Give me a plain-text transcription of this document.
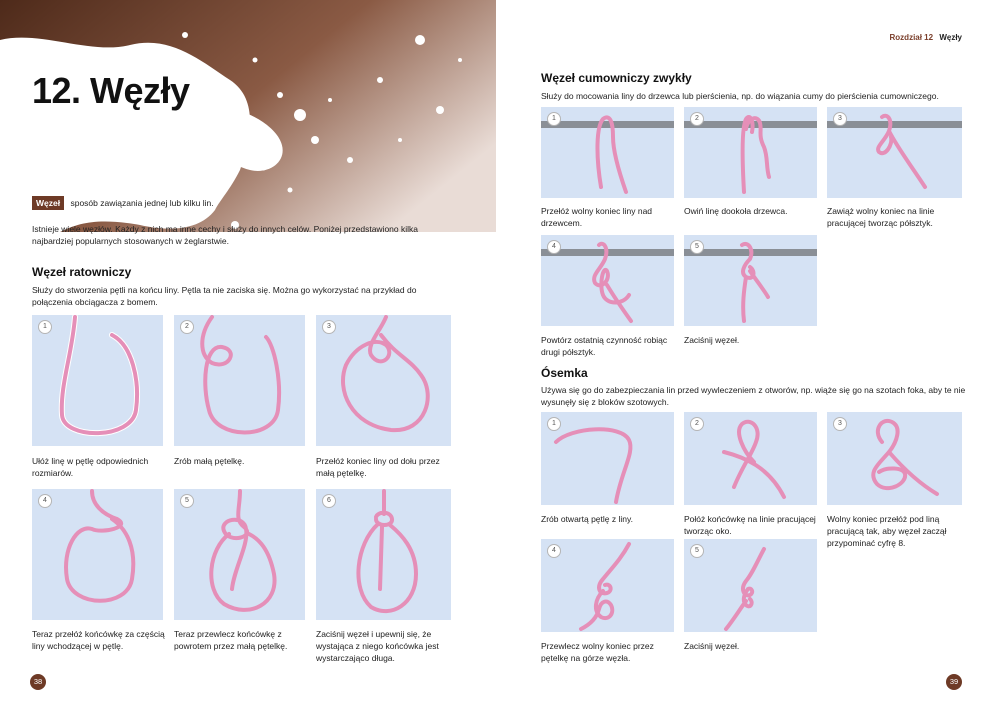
12. Węzły
Węzeł sposób zawiązania jednej lub kilku lin.
Istnieje wiele węzłów. Każdy z nich ma inne cechy i służy do innych celów. Poniżej przedstawiono kilka najbardziej popularnych stosowanych w żeglarstwie.
Węzeł ratowniczy
Służy do stworzenia pętli na końcu liny. Pętla ta nie zaciska się. Można go wykorzystać na przykład do połączenia obciągacza z bomem.
1	2	3
Ułóż linę w pętlę odpowiednich rozmiarów.
Zrób małą pętelkę.	Przełóż koniec liny od dołu przez małą pętelkę.
4	5	6
Teraz przełóż końcówkę za częścią liny wchodzącej w pętlę.
Teraz przewlecz końcówkę z powrotem przez małą pętelkę.
Zaciśnij węzeł i upewnij się, że wystająca z niego końcówka jest wystarczająco długa.
38
Rozdział 12 Węzły
Węzeł cumowniczy zwykły
Służy do mocowania liny do drzewca lub pierścienia, np. do wiązania cumy do pierścienia cumowniczego.
1	2	3
Przełóż wolny koniec liny nad drzewcem.
Owiń linę dookoła drzewca.	Zawiąż wolny koniec na linie pracującej tworząc półsztyk.
4	5
Powtórz ostatnią czynność robiąc drugi półsztyk.
Zaciśnij węzeł.
Ósemka
Używa się go do zabezpieczania lin przed wywleczeniem z otworów, np. wiąże się go na szotach foka, aby te nie wysunęły się z bloków szotowych.
1	2	3
Zrób otwartą pętlę z liny.	Połóż końcówkę na linie pracującej tworząc oko.
Wolny koniec przełóż pod liną pracującą tak, aby węzeł zaczął przypominać cyfrę 8.
4	5
Przewlecz wolny koniec przez pętelkę na górze węzła.
Zaciśnij węzeł.
39
